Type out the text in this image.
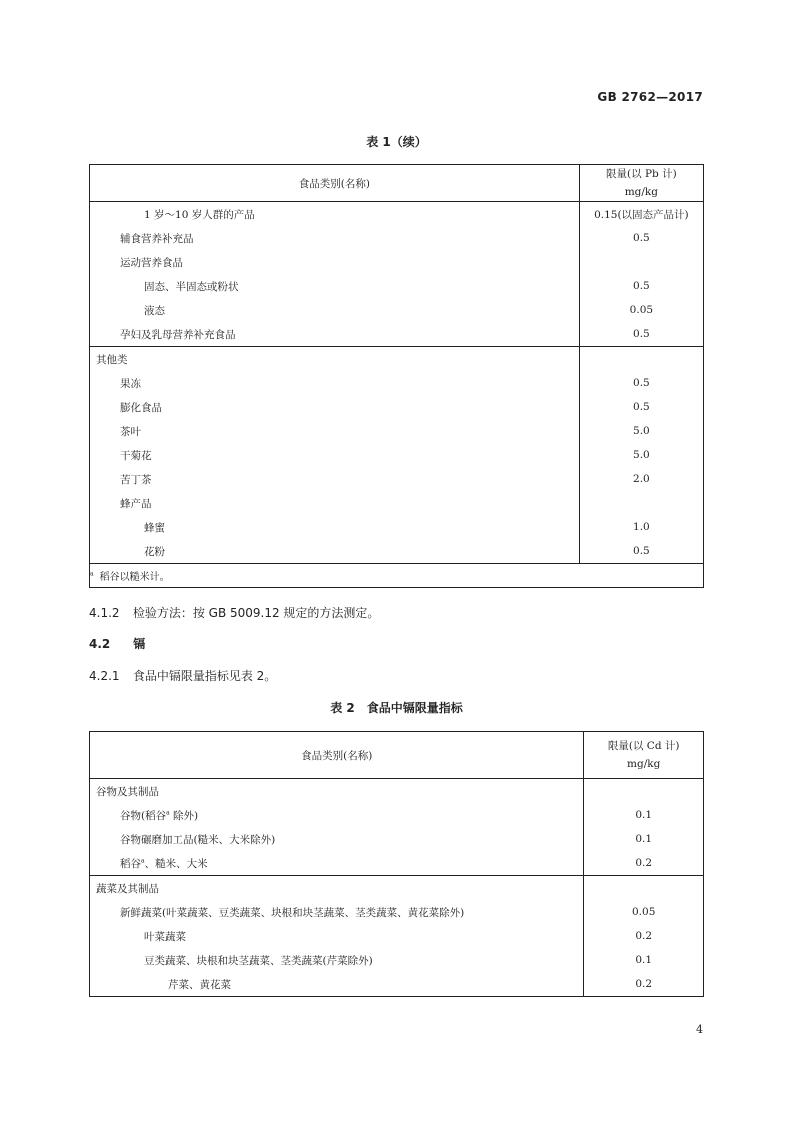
GB 2762—2017
表 1（续）
食品类别(名称)	限量(以 Pb 计)
mg/kg

1 岁～10 岁人群的产品	0.15(以固态产品计)
辅食营养补充品	0.5
运动营养食品	
固态、半固态或粉状	0.5
液态	0.05
孕妇及乳母营养补充食品	0.5
其他类	
果冻	0.5
膨化食品	0.5
茶叶	5.0
干菊花	5.0
苦丁茶	2.0
蜂产品	
蜂蜜	1.0
花粉	0.5
$^a$ 稻谷以糙米计。	
4.1.2 检验方法：按 GB 5009.12 规定的方法测定。
4.2 镉
4.2.1 食品中镉限量指标见表 2。
表 2　食品中镉限量指标
食品类别(名称)	限量(以 Cd 计)
mg/kg

谷物及其制品	
谷物(稻谷$^a$ 除外)	0.1
谷物碾磨加工品(糙米、大米除外)	0.1
稻谷$^a$、糙米、大米	0.2
蔬菜及其制品	
新鲜蔬菜(叶菜蔬菜、豆类蔬菜、块根和块茎蔬菜、茎类蔬菜、黄花菜除外)	0.05
叶菜蔬菜	0.2
豆类蔬菜、块根和块茎蔬菜、茎类蔬菜(芹菜除外)	0.1
芹菜、黄花菜	0.2
4
